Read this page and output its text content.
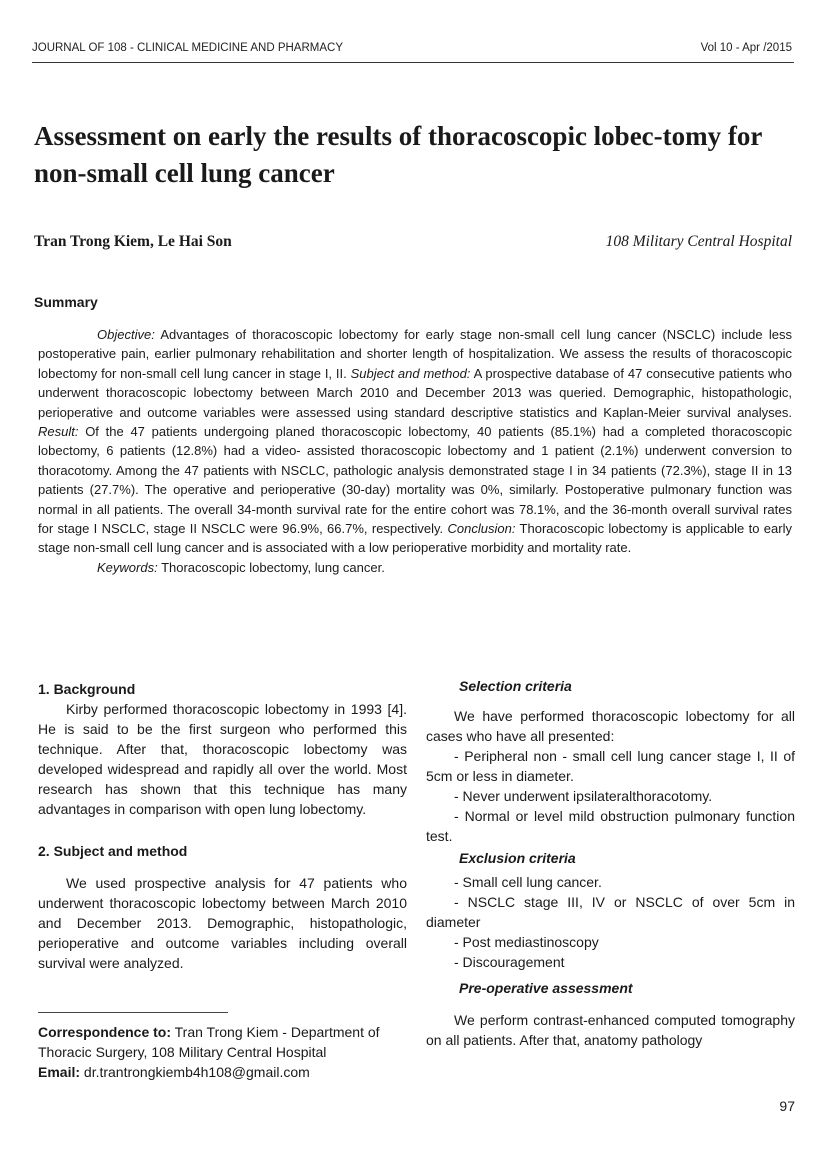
JOURNAL OF 108 - CLINICAL MEDICINE AND PHARMACY	Vol 10 - Apr /2015
Assessment on early the results of thoracoscopic lobec-tomy for non-small cell lung cancer
Tran Trong Kiem, Le Hai Son	108 Military Central Hospital
Summary

Objective: Advantages of thoracoscopic lobectomy for early stage non-small cell lung cancer (NSCLC) include less postoperative pain, earlier pulmonary rehabilitation and shorter length of hospitalization. We assess the results of thoracoscopic lobectomy for non-small cell lung cancer in stage I, II. Subject and method: A prospective database of 47 consecutive patients who underwent thoracoscopic lobectomy between March 2010 and December 2013 was queried. Demographic, histopathologic, perioperative and outcome variables were assessed using standard descriptive statistics and Kaplan-Meier survival analyses. Result: Of the 47 patients undergoing planed thoracoscopic lobectomy, 40 patients (85.1%) had a completed thoracoscopic lobectomy, 6 patients (12.8%) had a video- assisted thoracoscopic lobectomy and 1 patient (2.1%) underwent conversion to thoracotomy. Among the 47 patients with NSCLC, pathologic analysis demonstrated stage I in 34 patients (72.3%), stage II in 13 patients (27.7%). The operative and perioperative (30-day) mortality was 0%, similarly. Postoperative pulmonary function was normal in all patients. The overall 34-month survival rate for the entire cohort was 78.1%, and the 36-month overall survival rates for stage I NSCLC, stage II NSCLC were 96.9%, 66.7%, respectively. Conclusion: Thoracoscopic lobectomy is applicable to early stage non-small cell lung cancer and is associated with a low perioperative morbidity and mortality rate.

Keywords: Thoracoscopic lobectomy, lung cancer.

1. Background

Kirby performed thoracoscopic lobectomy in 1993 [4]. He is said to be the first surgeon who performed this technique. After that, thoracoscopic lobectomy was developed widespread and rapidly all over the world. Most research has shown that this technique has many advantages in comparison with open lung lobectomy.

2. Subject and method

We used prospective analysis for 47 patients who underwent thoracoscopic lobectomy between March 2010 and December 2013. Demographic, histopathologic, perioperative and outcome variables including overall survival were analyzed.

Correspondence to: Tran Trong Kiem - Department of Thoracic Surgery, 108 Military Central Hospital
Email: dr.trantrongkiemb4h108@gmail.com
Selection criteria

We have performed thoracoscopic lobectomy for all cases who have all presented:

- Peripheral non - small cell lung cancer stage I, II of 5cm or less in diameter.

- Never underwent ipsilateralthoracotomy.

- Normal or level mild obstruction pulmonary function test.

Exclusion criteria

- Small cell lung cancer.

- NSCLC stage III, IV or NSCLC of over 5cm in diameter

- Post mediastinoscopy

- Discouragement

Pre-operative assessment

We perform contrast-enhanced computed tomography on all patients. After that, anatomy pathology

97
